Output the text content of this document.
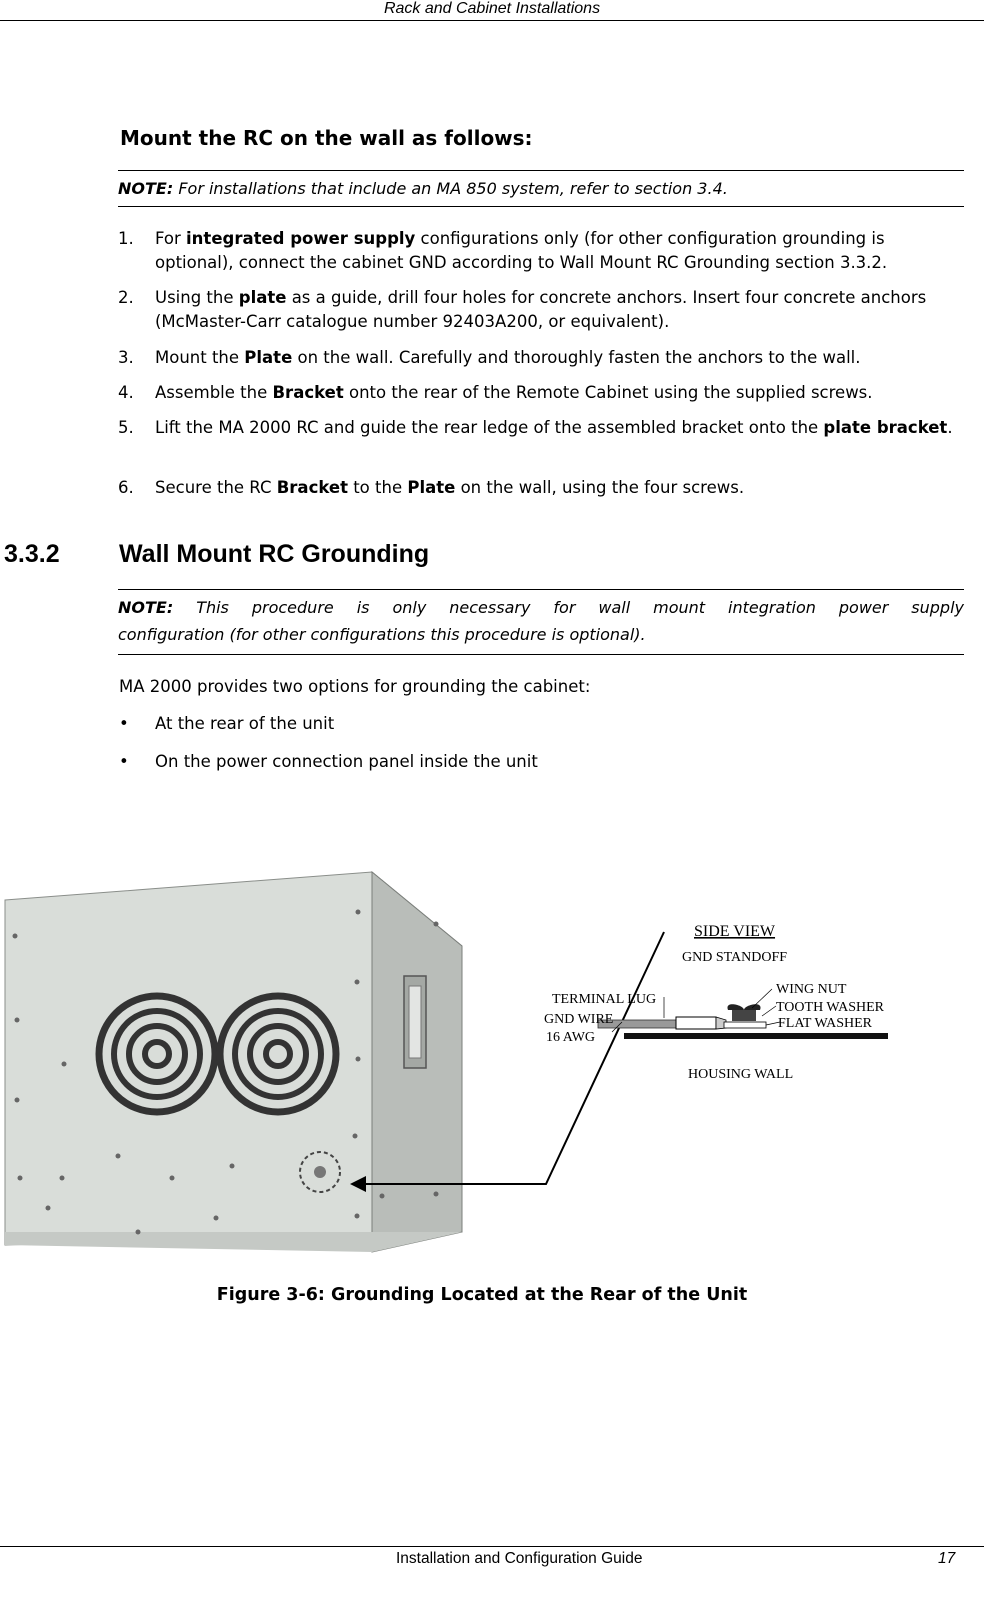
Rack and Cabinet Installations
Mount the RC on the wall as follows:
NOTE: For installations that include an MA 850 system, refer to section 3.4.
1. For integrated power supply configurations only (for other configuration grounding is optional), connect the cabinet GND according to Wall Mount RC Grounding section 3.3.2.
2. Using the plate as a guide, drill four holes for concrete anchors. Insert four concrete anchors (McMaster-Carr catalogue number 92403A200, or equivalent).
3. Mount the Plate on the wall. Carefully and thoroughly fasten the anchors to the wall.
4. Assemble the Bracket onto the rear of the Remote Cabinet using the supplied screws.
5. Lift the MA 2000 RC and guide the rear ledge of the assembled bracket onto the plate bracket.
6. Secure the RC Bracket to the Plate on the wall, using the four screws.
3.3.2 Wall Mount RC Grounding
NOTE: This procedure is only necessary for wall mount integration power supply
configuration (for other configurations this procedure is optional).
MA 2000 provides two options for grounding the cabinet:
• At the rear of the unit
• On the power connection panel inside the unit
SIDE VIEW
GND STANDOFF
TERMINAL LUG
WING NUT
TOOTH WASHER
FLAT WASHER
GND WIRE
16 AWG
HOUSING WALL
Figure 3-6: Grounding Located at the Rear of the Unit
Installation and Configuration Guide	17
